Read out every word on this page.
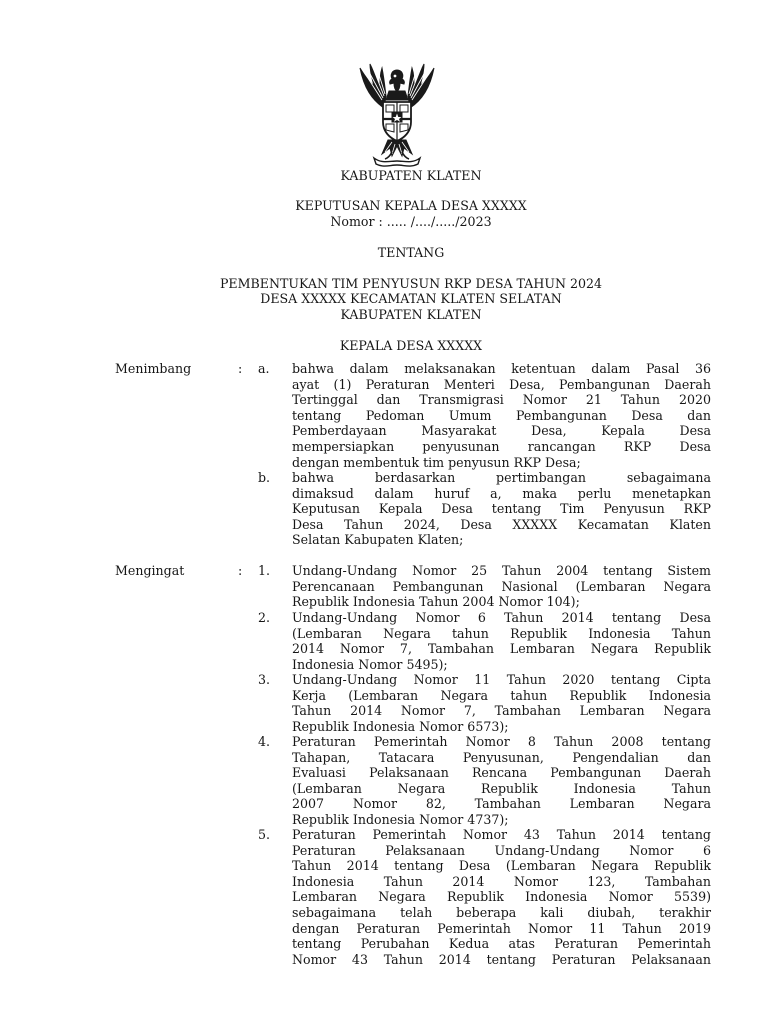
KABUPATEN KLATEN
KEPUTUSAN KEPALA DESA XXXXX
Nomor : ..... /..../...../2023
TENTANG
PEMBENTUKAN TIM PENYUSUN RKP DESA TAHUN 2024
DESA XXXXX KECAMATAN KLATEN SELATAN
KABUPATEN KLATEN
KEPALA DESA XXXXX
Menimbang	: a. bahwa dalam melaksanakan ketentuan dalam Pasal 36
ayat (1) Peraturan Menteri Desa, Pembangunan Daerah
Tertinggal dan Transmigrasi Nomor 21 Tahun 2020
tentang Pedoman Umum Pembangunan Desa dan
Pemberdayaan Masyarakat Desa, Kepala Desa
mempersiapkan penyusunan rancangan RKP Desa
dengan membentuk tim penyusun RKP Desa;
b. bahwa berdasarkan pertimbangan sebagaimana
dimaksud dalam huruf a, maka perlu menetapkan
Keputusan Kepala Desa tentang Tim Penyusun RKP
Desa Tahun 2024, Desa XXXXX Kecamatan Klaten
Selatan Kabupaten Klaten;
Mengingat	: 1. Undang-Undang Nomor 25 Tahun 2004 tentang Sistem
Perencanaan Pembangunan Nasional (Lembaran Negara
Republik Indonesia Tahun 2004 Nomor 104);
2. Undang-Undang Nomor 6 Tahun 2014 tentang Desa
(Lembaran Negara tahun Republik Indonesia Tahun
2014 Nomor 7, Tambahan Lembaran Negara Republik
Indonesia Nomor 5495);
3. Undang-Undang Nomor 11 Tahun 2020 tentang Cipta
Kerja (Lembaran Negara tahun Republik Indonesia
Tahun 2014 Nomor 7, Tambahan Lembaran Negara
Republik Indonesia Nomor 6573);
4. Peraturan Pemerintah Nomor 8 Tahun 2008 tentang
Tahapan, Tatacara Penyusunan, Pengendalian dan
Evaluasi Pelaksanaan Rencana Pembangunan Daerah
(Lembaran Negara Republik Indonesia Tahun
2007 Nomor 82, Tambahan Lembaran Negara
Republik Indonesia Nomor 4737);
5. Peraturan Pemerintah Nomor 43 Tahun 2014 tentang
Peraturan Pelaksanaan Undang-Undang Nomor 6
Tahun 2014 tentang Desa (Lembaran Negara Republik
Indonesia Tahun 2014 Nomor 123, Tambahan
Lembaran Negara Republik Indonesia Nomor 5539)
sebagaimana telah beberapa kali diubah, terakhir
dengan Peraturan Pemerintah Nomor 11 Tahun 2019
tentang Perubahan Kedua atas Peraturan Pemerintah
Nomor 43 Tahun 2014 tentang Peraturan Pelaksanaan
